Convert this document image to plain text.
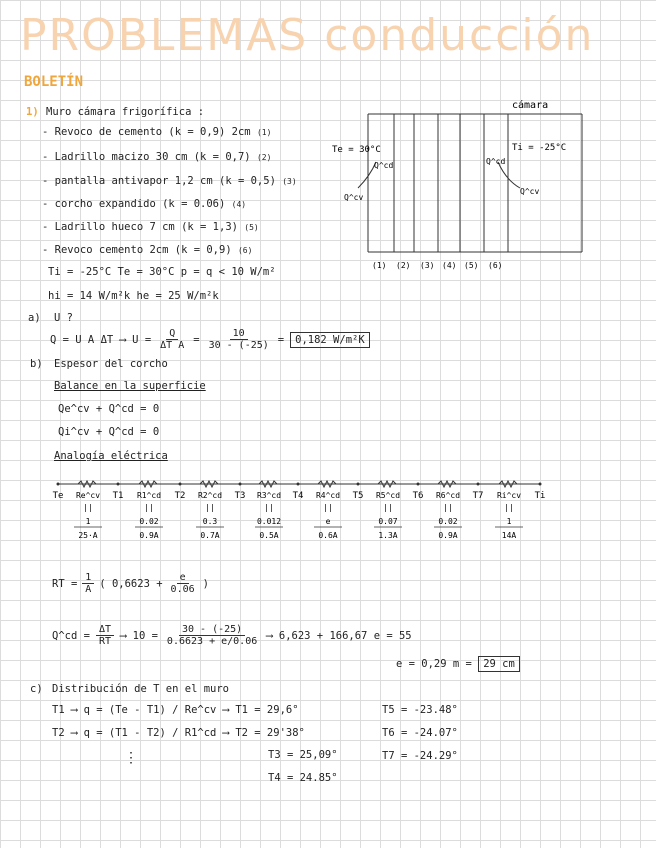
PROBLEMAS conducción
BOLETÍN
1) Muro cámara frigorífica :
- Revoco de cemento (k = 0,9) 2cm (1)
- Ladrillo macizo 30 cm (k = 0,7) (2)
- pantalla antivapor 1,2 cm (k = 0,5) (3)
- corcho expandido (k = 0.06) (4)
- Ladrillo hueco 7 cm (k = 1,3) (5)
- Revoco cemento 2cm (k = 0,9) (6)
Ti = -25°C Te = 30°C p = q < 10 W/m²
hi = 14 W/m²k he = 25 W/m²k
cámara
Te = 30°C	Ti = -25°C
Q^cd
Q^cv
Q^cd
Q^cv
(1) (2) (3) (4) (5) (6)
a) U ?
Q = U A ΔT ⟶ $U = \frac{Q}{\text{ΔT A}} = \frac{10}{30 - (-25)}$ =	0,182 W/m²K
b) Espesor del corcho
Balance en la superficie
Qe^cv + Q^cd = 0
Qi^cv + Q^cd = 0
Analogía eléctrica
Te	T1	T2	T3	T4	T5	T6	T7	Ti
Re^cv
||
1
25·A
R1^cd
||
0.02
0.9A
R2^cd
||
0.3
0.7A
R3^cd
||
0.012
0.5A
R4^cd
||
e
0.6A
R5^cd
||
0.07
1.3A
R6^cd
||
0.02
0.9A
Ri^cv
||
1
14A
RT = $\frac{1}{A}$ ( $0,6623 + \frac{e}{0.06}$ )
Q^cd = $\frac{\Delta T}{RT}$ ⟶ $10 = \frac{30 - (-25)}{0.6623 + e/0.06}$ ⟶ 6,623 + 166,67 e = 55
e = 0,29 m = 29 cm
c) Distribución de T en el muro
T1 ⟶ q = (Te - T1) / Re^cv ⟶ T1 = 29,6°
T2 ⟶ q = (T1 - T2) / R1^cd ⟶ T2 = 29'38°
⋮	T3 = 25,09°
T4 = 24.85°
T5 = -23.48°
T6 = -24.07°
T7 = -24.29°
